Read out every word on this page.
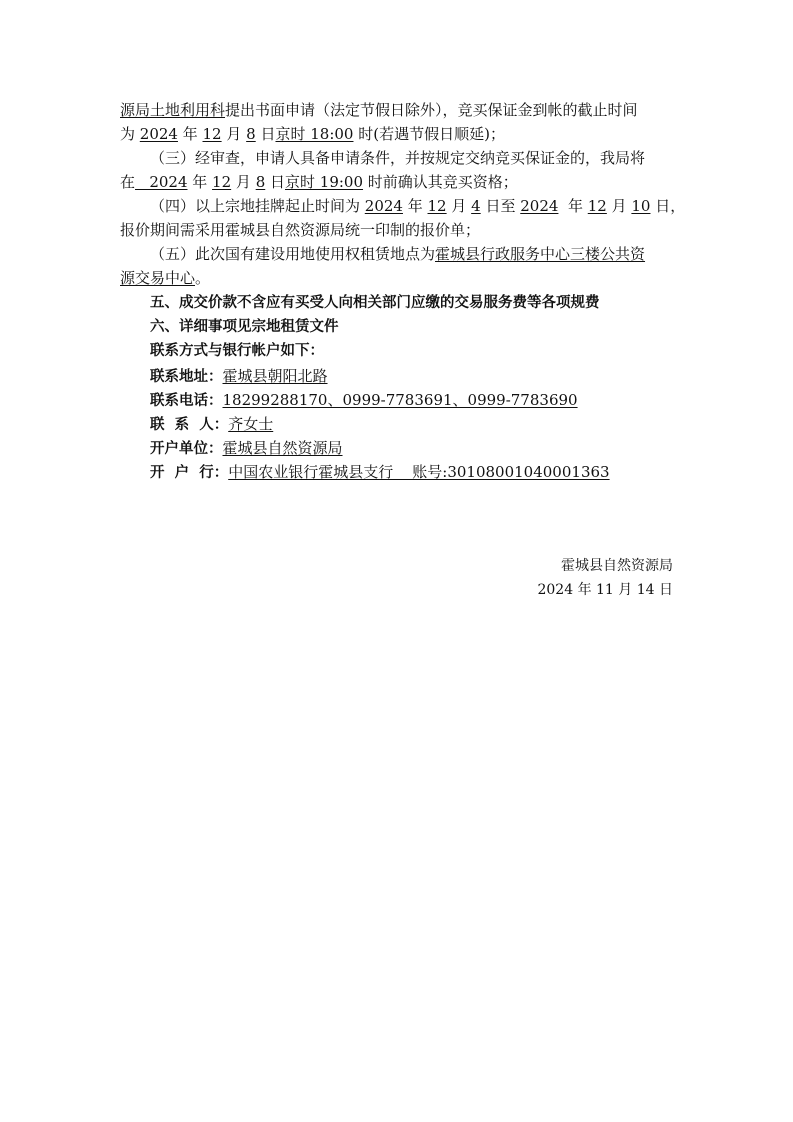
源局土地利用科提出书面申请（法定节假日除外），竞买保证金到帐的截止时间
为 2024 年 12 月 8 日京时 18:00 时(若遇节假日顺延)；
（三）经审查，申请人具备申请条件，并按规定交纳竞买保证金的，我局将
在   2024 年 12 月 8 日京时 19:00 时前确认其竞买资格；
（四）以上宗地挂牌起止时间为 2024 年 12 月 4 日至 2024  年 12 月 10 日，
报价期间需采用霍城县自然资源局统一印制的报价单；
（五）此次国有建设用地使用权租赁地点为霍城县行政服务中心三楼公共资
源交易中心。
五、成交价款不含应有买受人向相关部门应缴的交易服务费等各项规费
六、详细事项见宗地租赁文件
联系方式与银行帐户如下：
联系地址：霍城县朝阳北路
联系电话：18299288170、0999-7783691、0999-7783690
联  系  人：齐女士
开户单位：霍城县自然资源局
开  户  行：中国农业银行霍城县支行    账号:30108001040001363
霍城县自然资源局
2024 年 11 月 14 日
